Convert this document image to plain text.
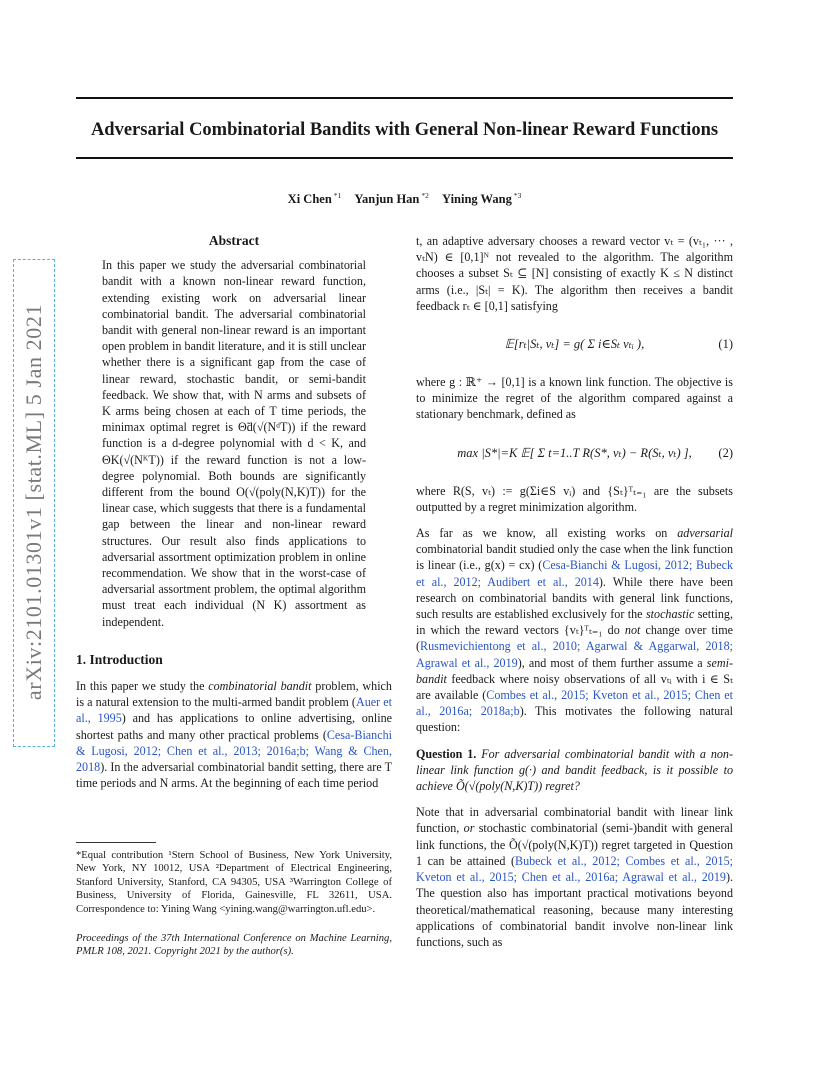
Adversarial Combinatorial Bandits with General Non-linear Reward Functions
Xi Chen $^{*1}$ Yanjun Han $^{*2}$ Yining Wang $^{*3}$
arXiv:2101.01301v1 [stat.ML] 5 Jan 2021
Abstract
In this paper we study the adversarial combinatorial bandit with a known non-linear reward function, extending existing work on adversarial linear combinatorial bandit. The adversarial combinatorial bandit with general non-linear reward is an important open problem in bandit literature, and it is still unclear whether there is a significant gap from the case of linear reward, stochastic bandit, or semi-bandit feedback. We show that, with N arms and subsets of K arms being chosen at each of T time periods, the minimax optimal regret is Θ̃d(√(NᵈT)) if the reward function is a d-degree polynomial with d < K, and ΘK(√(NᴷT)) if the reward function is not a low-degree polynomial. Both bounds are significantly different from the bound O(√(poly(N,K)T)) for the linear case, which suggests that there is a fundamental gap between the linear and non-linear reward structures. Our result also finds applications to adversarial assortment optimization problem in online recommendation. We show that in the worst-case of adversarial assortment problem, the optimal algorithm must treat each individual (N K) assortment as independent.
1. Introduction

In this paper we study the combinatorial bandit problem, which is a natural extension to the multi-armed bandit problem (Auer et al., 1995) and has applications to online advertising, online shortest paths and many other practical problems (Cesa-Bianchi & Lugosi, 2012; Chen et al., 2013; 2016a;b; Wang & Chen, 2018). In the adversarial combinatorial bandit setting, there are T time periods and N arms. At the beginning of each time period

*Equal contribution ¹Stern School of Business, New York University, New York, NY 10012, USA ²Department of Electrical Engineering, Stanford University, Stanford, CA 94305, USA ³Warrington College of Business, University of Florida, Gainesville, FL 32611, USA. Correspondence to: Yining Wang <yining.wang@warrington.ufl.edu>.
Proceedings of the 37th International Conference on Machine Learning, PMLR 108, 2021. Copyright 2021 by the author(s).

t, an adaptive adversary chooses a reward vector vₜ = (vₜ₁, ··· , vₜN) ∈ [0,1]ᴺ not revealed to the algorithm. The algorithm chooses a subset Sₜ ⊆ [N] consisting of exactly K ≤ N distinct arms (i.e., |Sₜ| = K). The algorithm then receives a bandit feedback rₜ ∈ [0,1] satisfying

𝔼[rₜ|Sₜ, vₜ] = g( Σ i∈Sₜ vₜᵢ ),	(1)

where g : ℝ⁺ → [0,1] is a known link function. The objective is to minimize the regret of the algorithm compared against a stationary benchmark, defined as

max |S*|=K 𝔼[ Σ t=1..T R(S*, vₜ) − R(Sₜ, vₜ) ], (2)

where R(S, vₜ) := g(Σi∈S vᵢ) and {Sₜ}ᵀₜ₌₁ are the subsets outputted by a regret minimization algorithm.

As far as we know, all existing works on adversarial combinatorial bandit studied only the case when the link function is linear (i.e., g(x) = cx) (Cesa-Bianchi & Lugosi, 2012; Bubeck et al., 2012; Audibert et al., 2014). While there have been research on combinatorial bandits with general link functions, such results are established exclusively for the stochastic setting, in which the reward vectors {vₜ}ᵀₜ₌₁ do not change over time (Rusmevichientong et al., 2010; Agarwal & Aggarwal, 2018; Agrawal et al., 2019), and most of them further assume a semi-bandit feedback where noisy observations of all vₜᵢ with i ∈ Sₜ are available (Combes et al., 2015; Kveton et al., 2015; Chen et al., 2016a; 2018a;b). This motivates the following natural question:

Question 1. For adversarial combinatorial bandit with a non-linear link function g(·) and bandit feedback, is it possible to achieve Õ(√(poly(N,K)T)) regret?

Note that in adversarial combinatorial bandit with linear link function, or stochastic combinatorial (semi-)bandit with general link functions, the Õ(√(poly(N,K)T)) regret targeted in Question 1 can be attained (Bubeck et al., 2012; Combes et al., 2015; Kveton et al., 2015; Chen et al., 2016a; Agrawal et al., 2019). The question also has important practical motivations beyond theoretical/mathematical reasoning, because many interesting applications of combinatorial bandit involve non-linear link functions, such as
